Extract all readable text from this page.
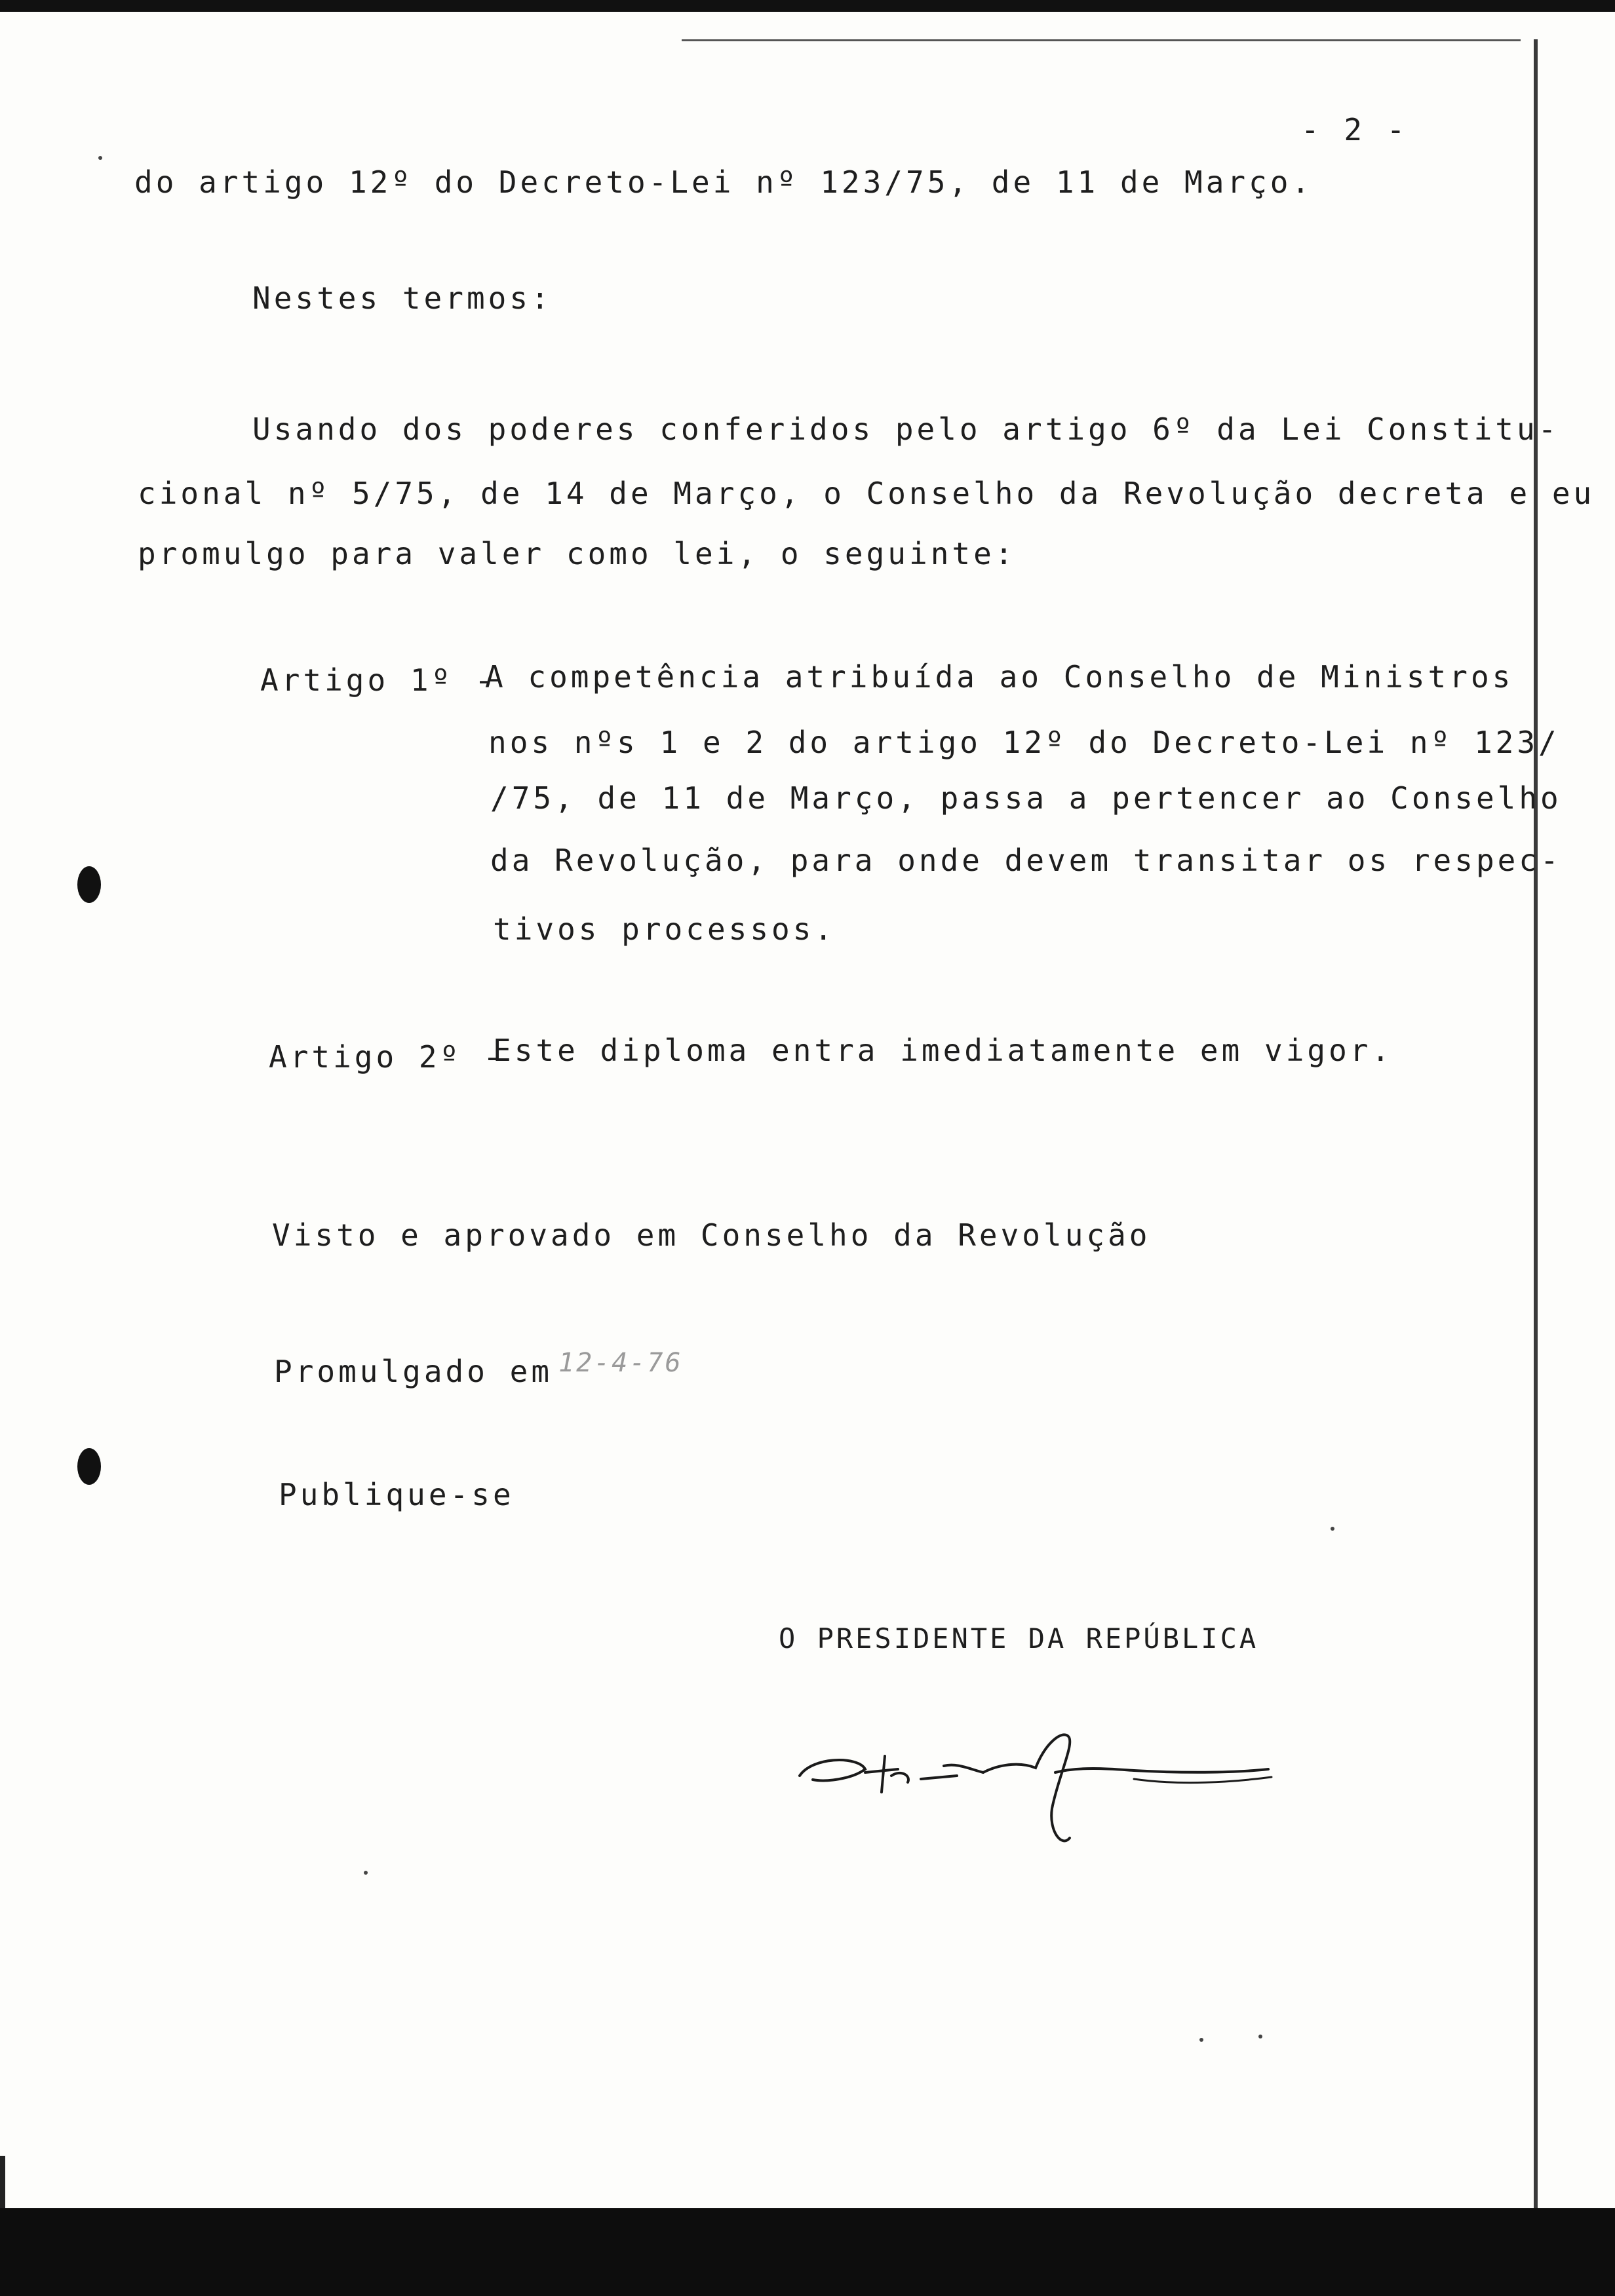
- 2 -
do artigo 12º do Decreto-Lei nº 123/75, de 11 de Março.
Nestes termos:
Usando dos poderes conferidos pelo artigo 6º da Lei Constitu-
cional nº 5/75, de 14 de Março, o Conselho da Revolução decreta e eu
promulgo para valer como lei, o seguinte:
Artigo 1º -
A competência atribuída ao Conselho de Ministros
nos nºs 1 e 2 do artigo 12º do Decreto-Lei nº 123/
/75, de 11 de Março, passa a pertencer ao Conselho
da Revolução, para onde devem transitar os respec-
tivos processos.
Artigo 2º -
Este diploma entra imediatamente em vigor.
Visto e aprovado em Conselho da Revolução
Promulgado em 12-4-76
Publique-se
O PRESIDENTE DA REPÚBLICA
